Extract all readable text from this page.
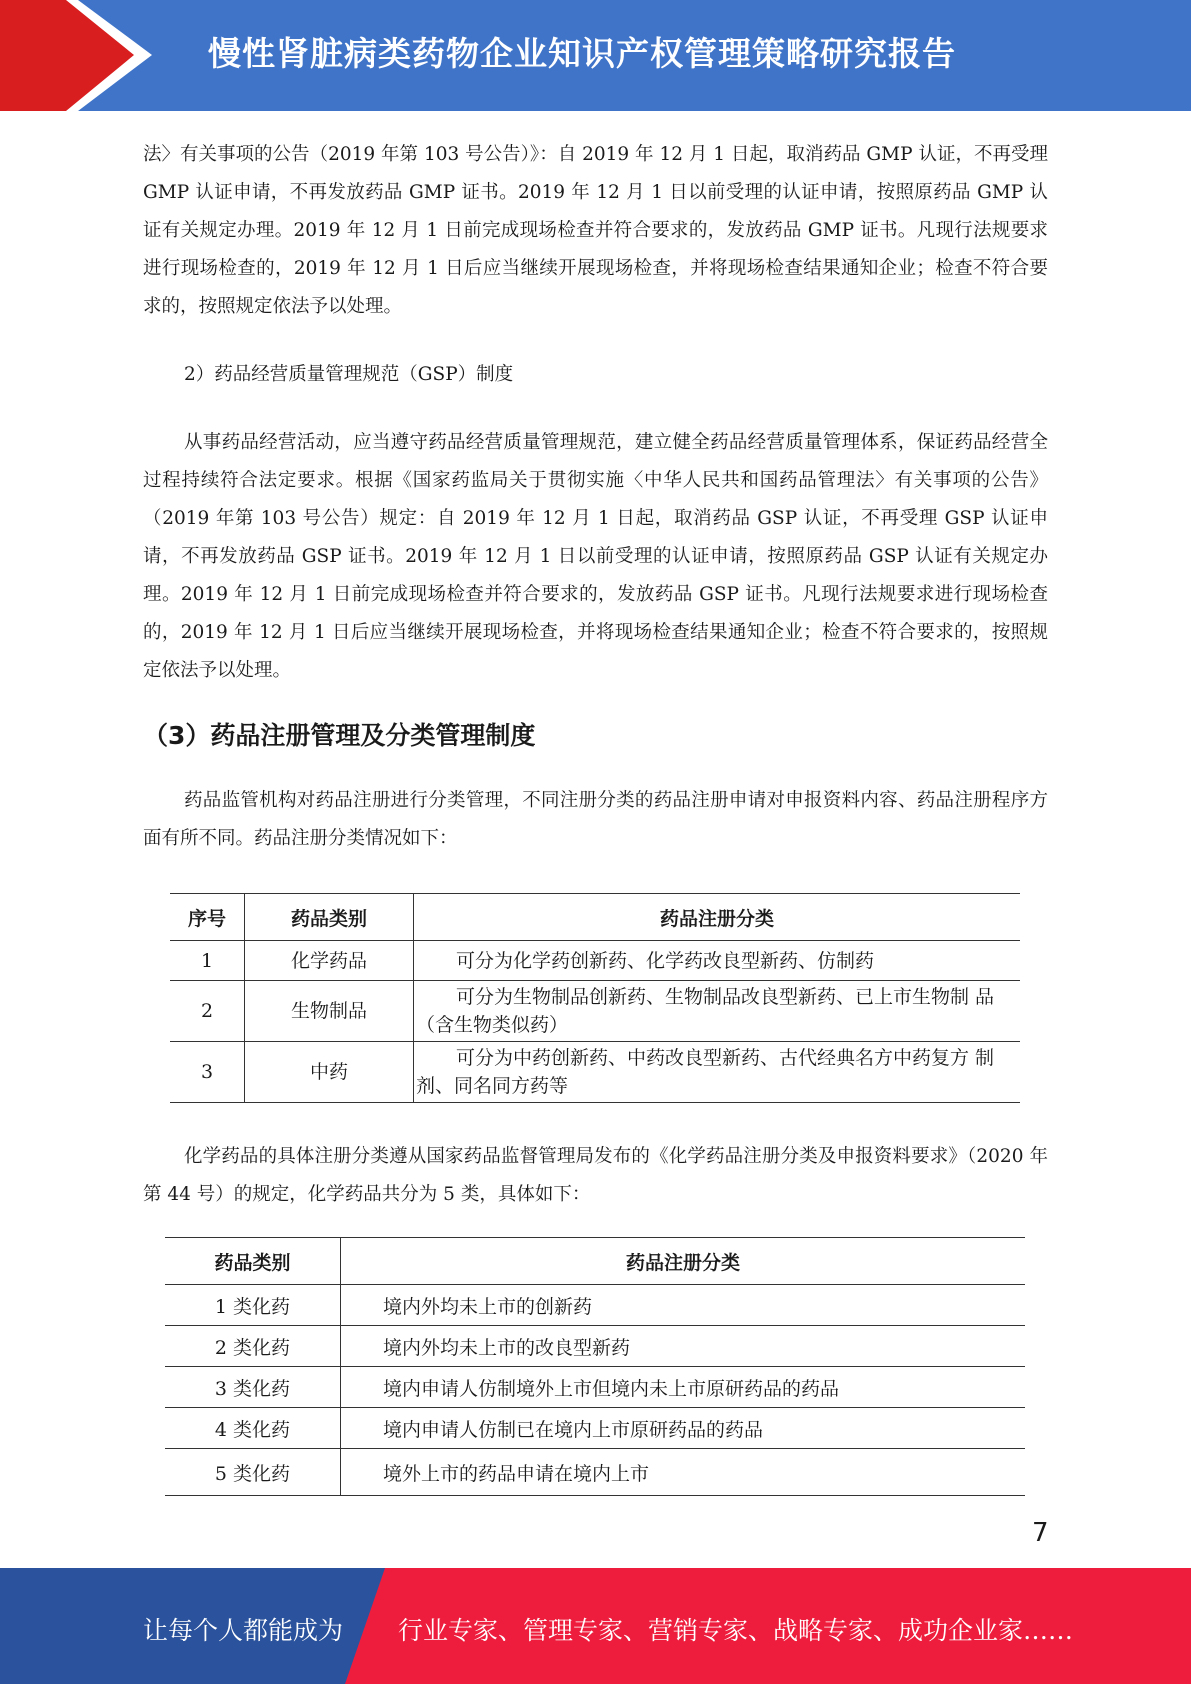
慢性肾脏病类药物企业知识产权管理策略研究报告

法〉有关事项的公告（2019 年第 103 号公告）》：自 2019 年 12 月 1 日起，取消药品 GMP 认证，不再受理 GMP 认证申请，不再发放药品 GMP 证书。2019 年 12 月 1 日以前受理的认证申请，按照原药品 GMP 认证有关规定办理。2019 年 12 月 1 日前完成现场检查并符合要求的，发放药品 GMP 证书。凡现行法规要求进行现场检查的，2019 年 12 月 1 日后应当继续开展现场检查，并将现场检查结果通知企业；检查不符合要求的，按照规定依法予以处理。

2）药品经营质量管理规范（GSP）制度

从事药品经营活动，应当遵守药品经营质量管理规范，建立健全药品经营质量管理体系，保证药品经营全过程持续符合法定要求。根据《国家药监局关于贯彻实施〈中华人民共和国药品管理法〉有关事项的公告》（2019 年第 103 号公告）规定：自 2019 年 12 月 1 日起，取消药品 GSP 认证，不再受理 GSP 认证申请，不再发放药品 GSP 证书。2019 年 12 月 1 日以前受理的认证申请，按照原药品 GSP 认证有关规定办理。2019 年 12 月 1 日前完成现场检查并符合要求的，发放药品 GSP 证书。凡现行法规要求进行现场检查的，2019 年 12 月 1 日后应当继续开展现场检查，并将现场检查结果通知企业；检查不符合要求的，按照规定依法予以处理。

（3）药品注册管理及分类管理制度

药品监管机构对药品注册进行分类管理，不同注册分类的药品注册申请对申报资料内容、药品注册程序方面有所不同。药品注册分类情况如下：

序号	药品类别	药品注册分类
1	化学药品	可分为化学药创新药、化学药改良型新药、仿制药
2	生物制品	可分为生物制品创新药、生物制品改良型新药、已上市生物制 品（含生物类似药）
3	中药	可分为中药创新药、中药改良型新药、古代经典名方中药复方 制剂、同名同方药等

化学药品的具体注册分类遵从国家药品监督管理局发布的《化学药品注册分类及申报资料要求》（2020 年第 44 号）的规定，化学药品共分为 5 类，具体如下：

药品类别	药品注册分类
1 类化药	境内外均未上市的创新药
2 类化药	境内外均未上市的改良型新药
3 类化药	境内申请人仿制境外上市但境内未上市原研药品的药品
4 类化药	境内申请人仿制已在境内上市原研药品的药品
5 类化药	境外上市的药品申请在境内上市
7
让每个人都能成为 行业专家、管理专家、营销专家、战略专家、成功企业家……
